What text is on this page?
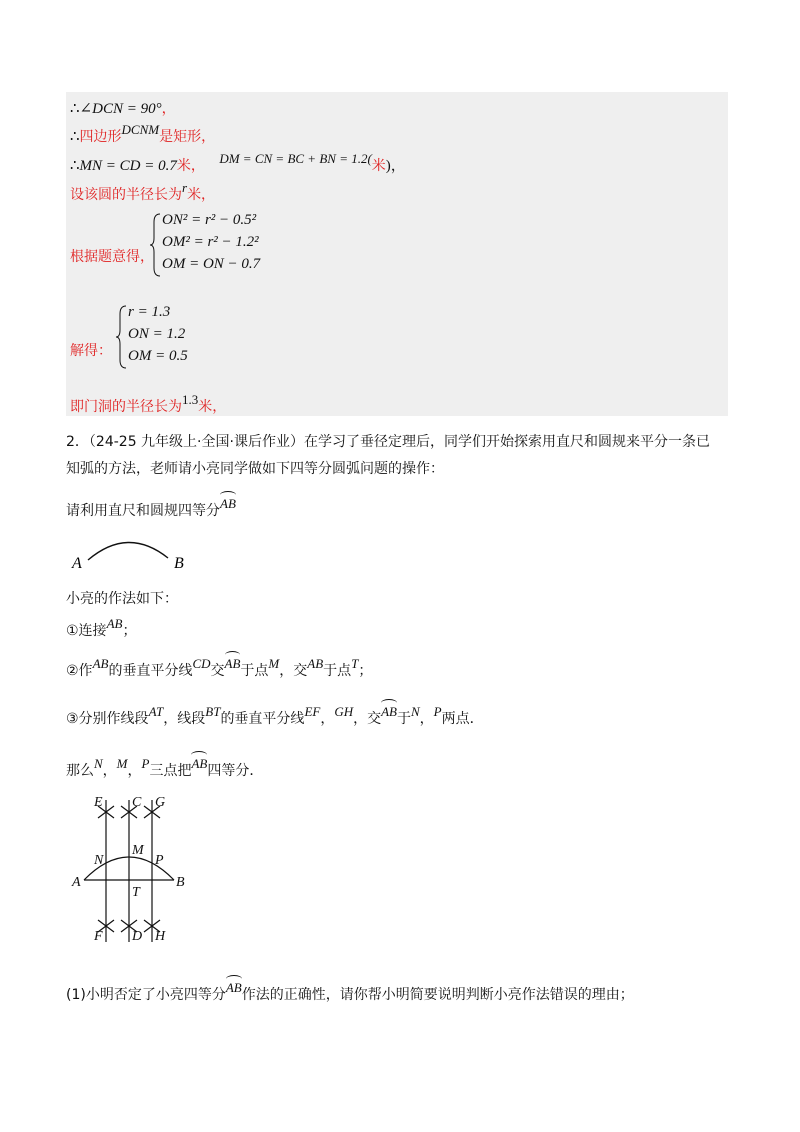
∴∠DCN = 90°，
∴四边形DCNM是矩形，
∴MN = CD = 0.7米， DM = CN = BC + BN = 1.2(米)，
设该圆的半径长为r米，
根据题意得，
ON² = r² − 0.5²
OM² = r² − 1.2²
OM = ON − 0.7
解得：
r = 1.3
ON = 1.2
OM = 0.5
即门洞的半径长为1.3米，
2．（24-25 九年级上·全国·课后作业）在学习了垂径定理后，同学们开始探索用直尺和圆规来平分一条已
知弧的方法，老师请小亮同学做如下四等分圆弧问题的操作：
请利用直尺和圆规四等分AB
A	B
小亮的作法如下：
①连接AB；
②作AB的垂直平分线CD交AB于点M，交AB于点T；
③分别作线段AT，线段BT的垂直平分线EF，GH，交AB于N，P两点．
那么N，M，P三点把AB四等分．
E C G
N
M
P
A
T
B
F D H
(1)小明否定了小亮四等分AB作法的正确性，请你帮小明简要说明判断小亮作法错误的理由；
